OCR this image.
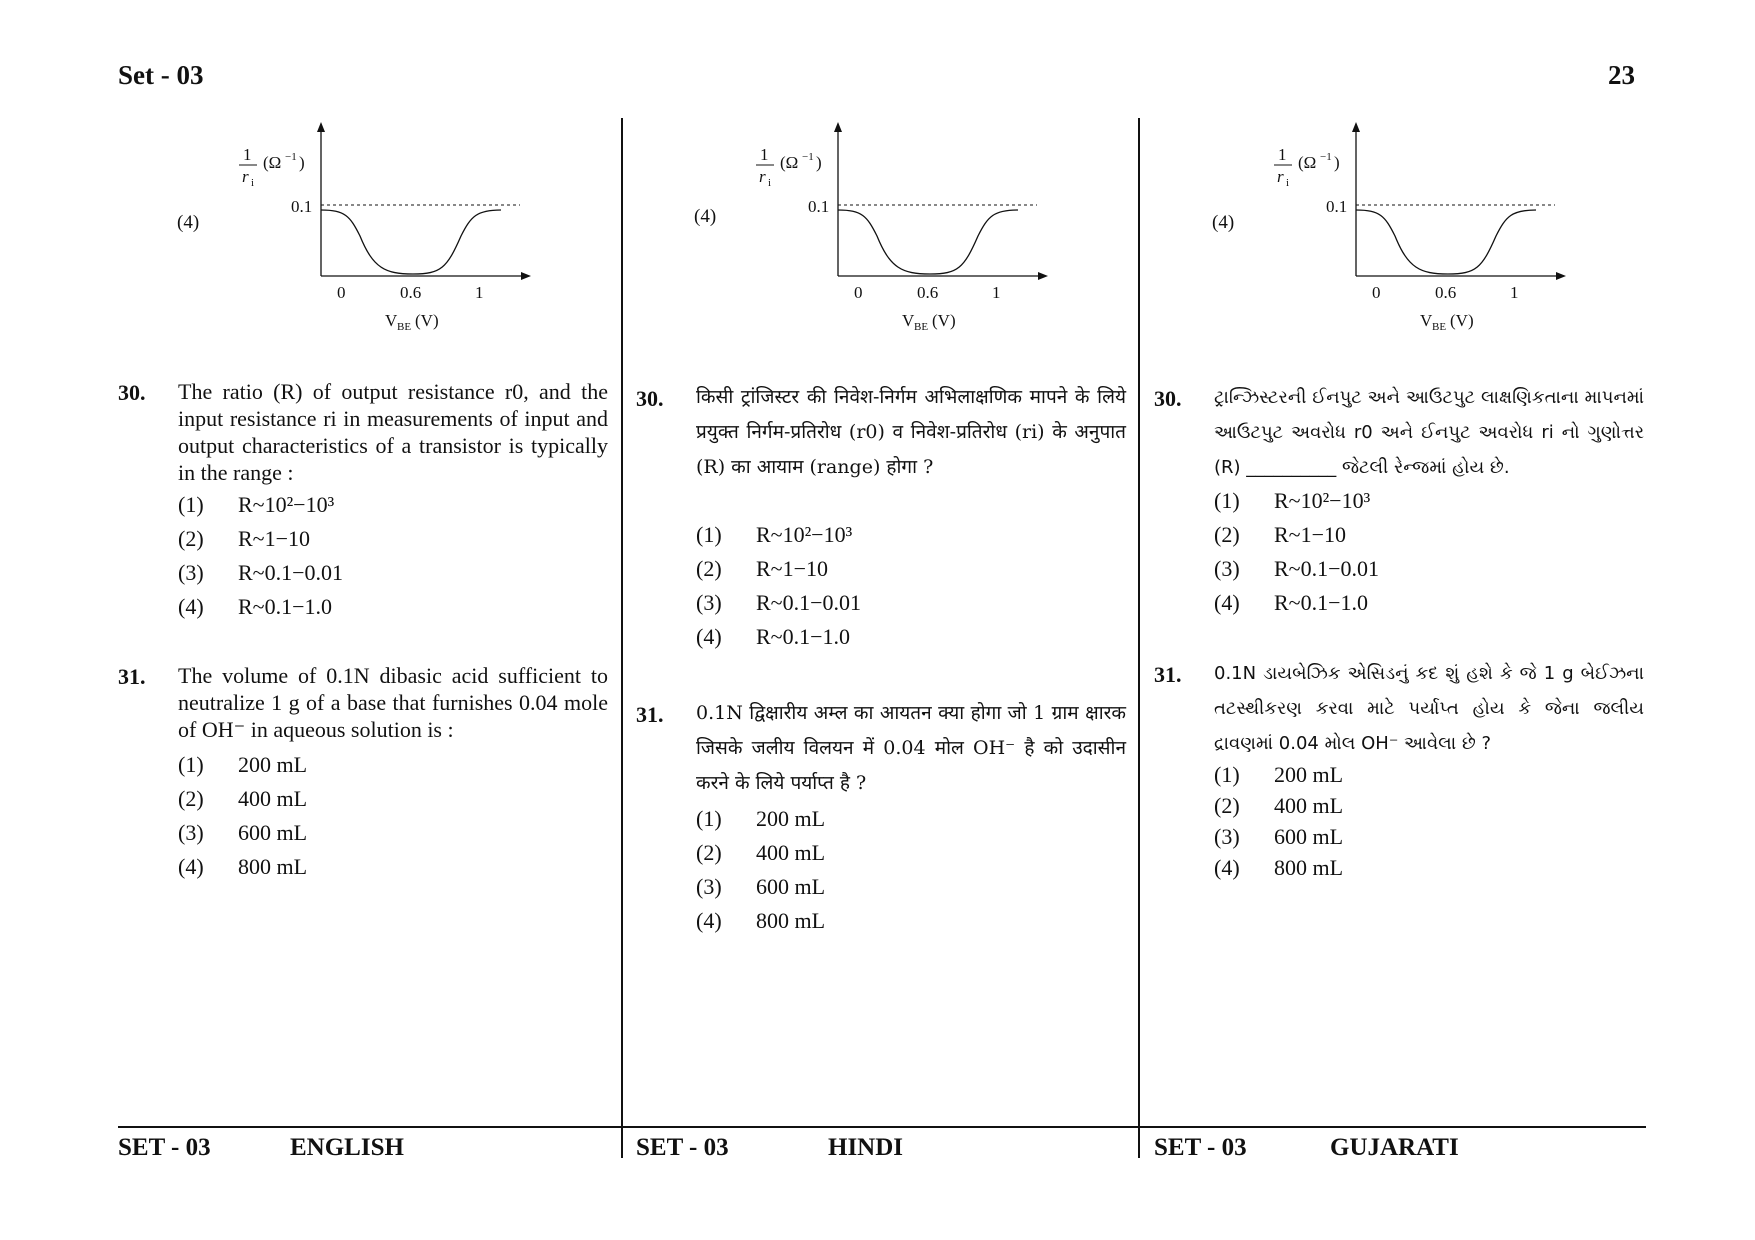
Set - 03	23
(4)
1
r i
(Ω −1 )
0.1
0	0.6	1
V BE (V)
(4)
1
r i
(Ω −1 )
0.1
0	0.6	1
V BE (V)
(4)
1
r i
(Ω −1 )
0.1
0	0.6	1
V BE (V)
30. The ratio (R) of output resistance r0, and the input resistance ri in measurements of input and output characteristics of a transistor is typically in the range :
(1) R~10²−10³
(2) R~1−10
(3) R~0.1−0.01
(4) R~0.1−1.0
31. The volume of 0.1N dibasic acid sufficient to neutralize 1 g of a base that furnishes 0.04 mole of OH⁻ in aqueous solution is :
(1) 200 mL
(2) 400 mL
(3) 600 mL
(4) 800 mL
30. किसी ट्रांजिस्टर की निवेश-निर्गम अभिलाक्षणिक मापने के लिये प्रयुक्त निर्गम-प्रतिरोध (r0) व निवेश-प्रतिरोध (ri) के अनुपात (R) का आयाम (range) होगा ?
(1) R~10²−10³
(2) R~1−10
(3) R~0.1−0.01
(4) R~0.1−1.0
31. 0.1N द्विक्षारीय अम्ल का आयतन क्या होगा जो 1 ग्राम क्षारक जिसके जलीय विलयन में 0.04 मोल OH⁻ है को उदासीन करने के लिये पर्याप्त है ?
(1) 200 mL
(2) 400 mL
(3) 600 mL
(4) 800 mL
30. ટ્રાન્ઝિસ્ટરની ઈનપુટ અને આઉટપુટ લાક્ષણિકતાના માપનમાં આઉટપુટ અવરોધ r0 અને ઈનપુટ અવરોધ ri નો ગુણોત્તર (R) __________ જેટલી રેન્જમાં હોય છે.
(1) R~10²−10³
(2) R~1−10
(3) R~0.1−0.01
(4) R~0.1−1.0
31. 0.1N ડાયબેઝિક એસિડનું કદ શું હશે કે જે 1 g બેઈઝના તટસ્થીકરણ કરવા માટે પર્યાપ્ત હોય કે જેના જલીય દ્રાવણમાં 0.04 મોલ OH⁻ આવેલા છે ?
(1) 200 mL
(2) 400 mL
(3) 600 mL
(4) 800 mL
SET - 03	ENGLISH	SET - 03	HINDI	SET - 03	GUJARATI
